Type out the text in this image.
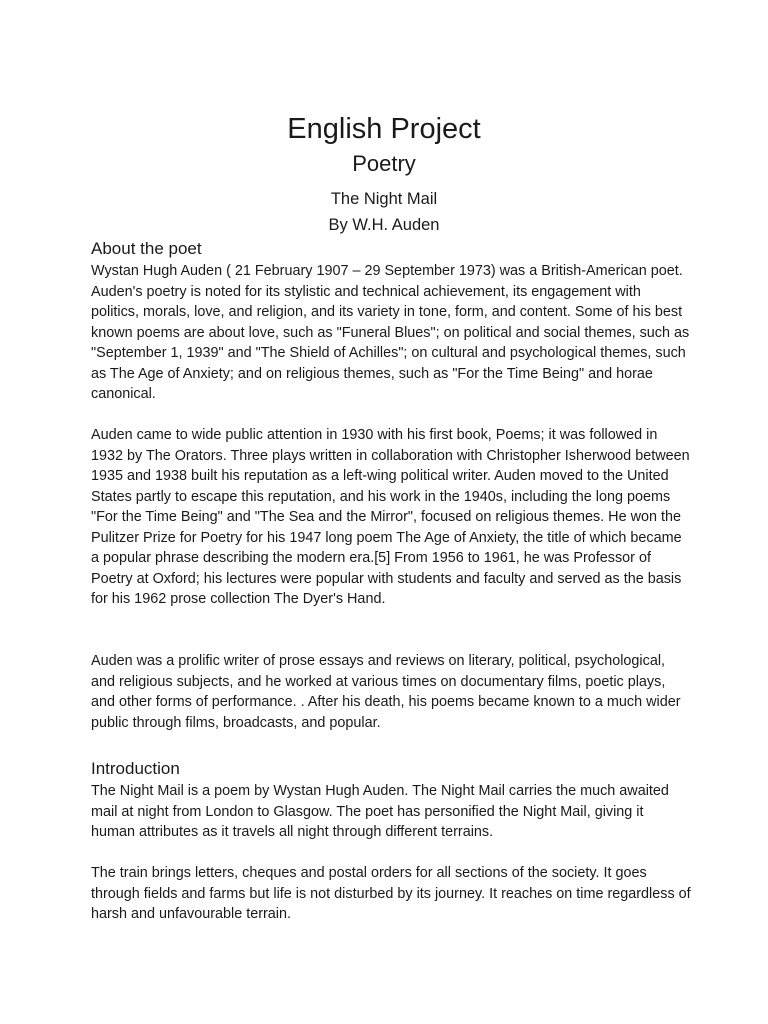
English Project
Poetry
The Night Mail
By W.H. Auden
About the poet

Wystan Hugh Auden ( 21 February 1907 – 29 September 1973) was a British-American poet. Auden's poetry is noted for its stylistic and technical achievement, its engagement with politics, morals, love, and religion, and its variety in tone, form, and content. Some of his best known poems are about love, such as "Funeral Blues"; on political and social themes, such as "September 1, 1939" and "The Shield of Achilles"; on cultural and psychological themes, such as The Age of Anxiety; and on religious themes, such as "For the Time Being" and horae canonical.

Auden came to wide public attention in 1930 with his first book, Poems; it was followed in 1932 by The Orators. Three plays written in collaboration with Christopher Isherwood between 1935 and 1938 built his reputation as a left-wing political writer. Auden moved to the United States partly to escape this reputation, and his work in the 1940s, including the long poems "For the Time Being" and "The Sea and the Mirror", focused on religious themes. He won the Pulitzer Prize for Poetry for his 1947 long poem The Age of Anxiety, the title of which became a popular phrase describing the modern era.[5] From 1956 to 1961, he was Professor of Poetry at Oxford; his lectures were popular with students and faculty and served as the basis for his 1962 prose collection The Dyer's Hand.

Auden was a prolific writer of prose essays and reviews on literary, political, psychological, and religious subjects, and he worked at various times on documentary films, poetic plays, and other forms of performance. . After his death, his poems became known to a much wider public through films, broadcasts, and popular.

Introduction

The Night Mail is a poem by Wystan Hugh Auden. The Night Mail carries the much awaited mail at night from London to Glasgow. The poet has personified the Night Mail, giving it human attributes as it travels all night through different terrains.

The train brings letters, cheques and postal orders for all sections of the society. It goes through fields and farms but life is not disturbed by its journey. It reaches on time regardless of harsh and unfavourable terrain.
